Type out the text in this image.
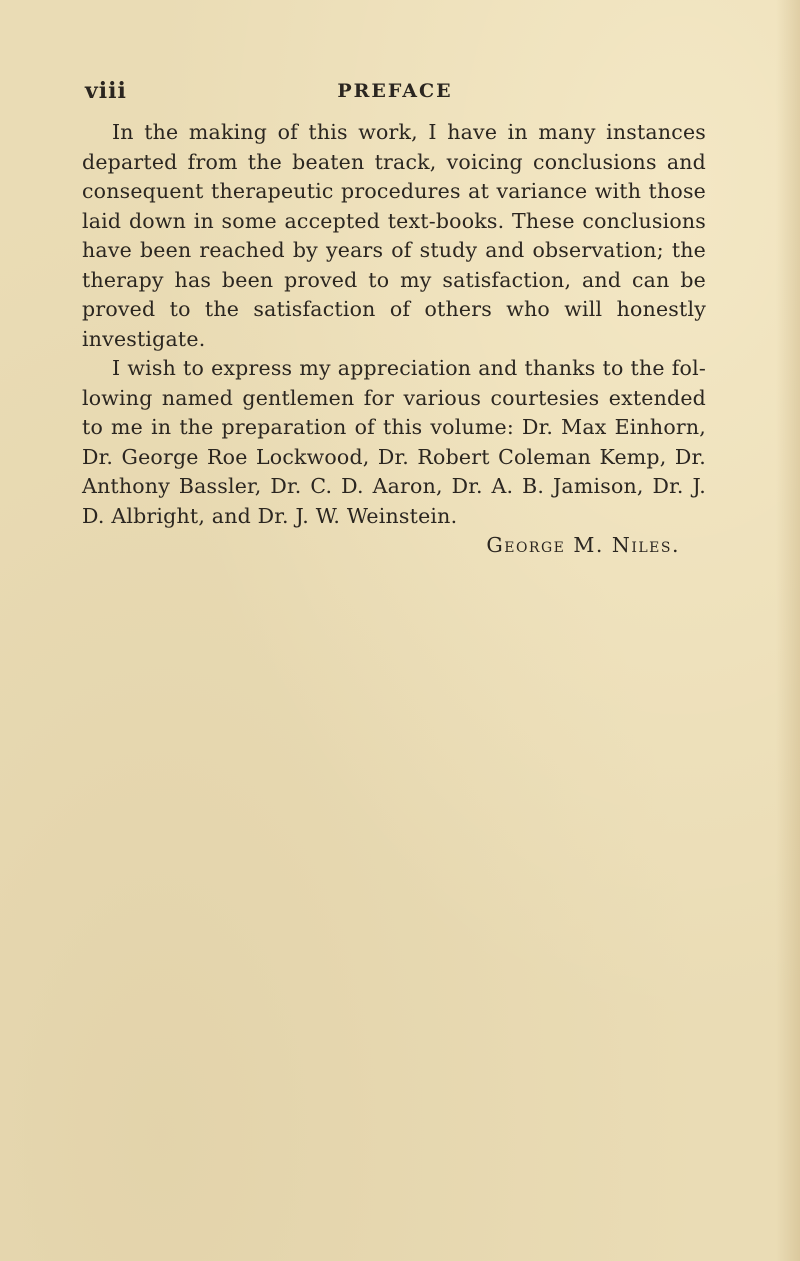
viii	PREFACE

In the making of this work, I have in many instances departed from the beaten track, voicing conclusions and consequent therapeutic procedures at variance with those laid down in some accepted text-books. These conclusions have been reached by years of study and observation; the therapy has been proved to my satisfaction, and can be proved to the satisfaction of others who will honestly investigate.

I wish to express my appreciation and thanks to the fol-lowing named gentlemen for various courtesies extended to me in the preparation of this volume: Dr. Max Einhorn, Dr. George Roe Lockwood, Dr. Robert Coleman Kemp, Dr. Anthony Bassler, Dr. C. D. Aaron, Dr. A. B. Jamison, Dr. J. D. Albright, and Dr. J. W. Weinstein.

George M. Niles.
